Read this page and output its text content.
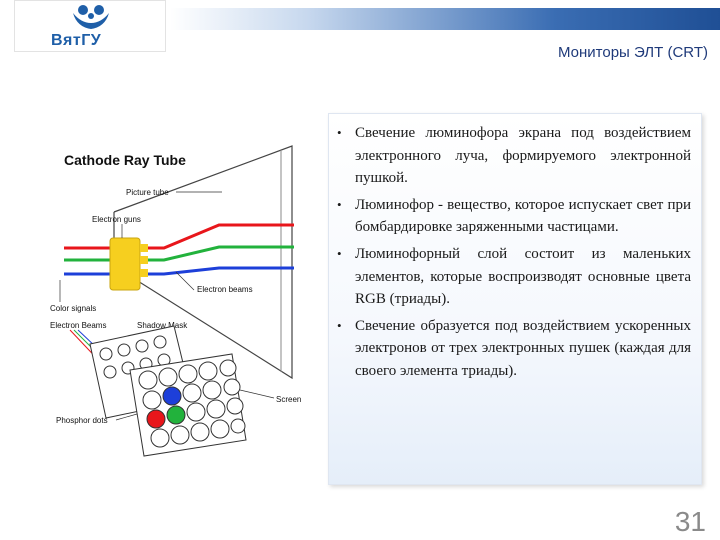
ВятГУ
Мониторы ЭЛТ (CRT)
Cathode Ray Tube
Picture tube
Electron guns
Electron beams
Color signals
Electron Beams	Shadow Mask
Phosphor dots
Screen
• Свечение люминофора экрана под воздействием электронного луча, формируемого электронной пушкой.
• Люминофор - вещество, которое испускает свет при бомбардировке заряженными частицами.
• Люминофорный слой состоит из маленьких элементов, которые воспроизводят основные цвета RGB (триады).
• Свечение образуется под воздействием ускоренных электронов от трех электронных пушек (каждая для своего элемента триады).
31
